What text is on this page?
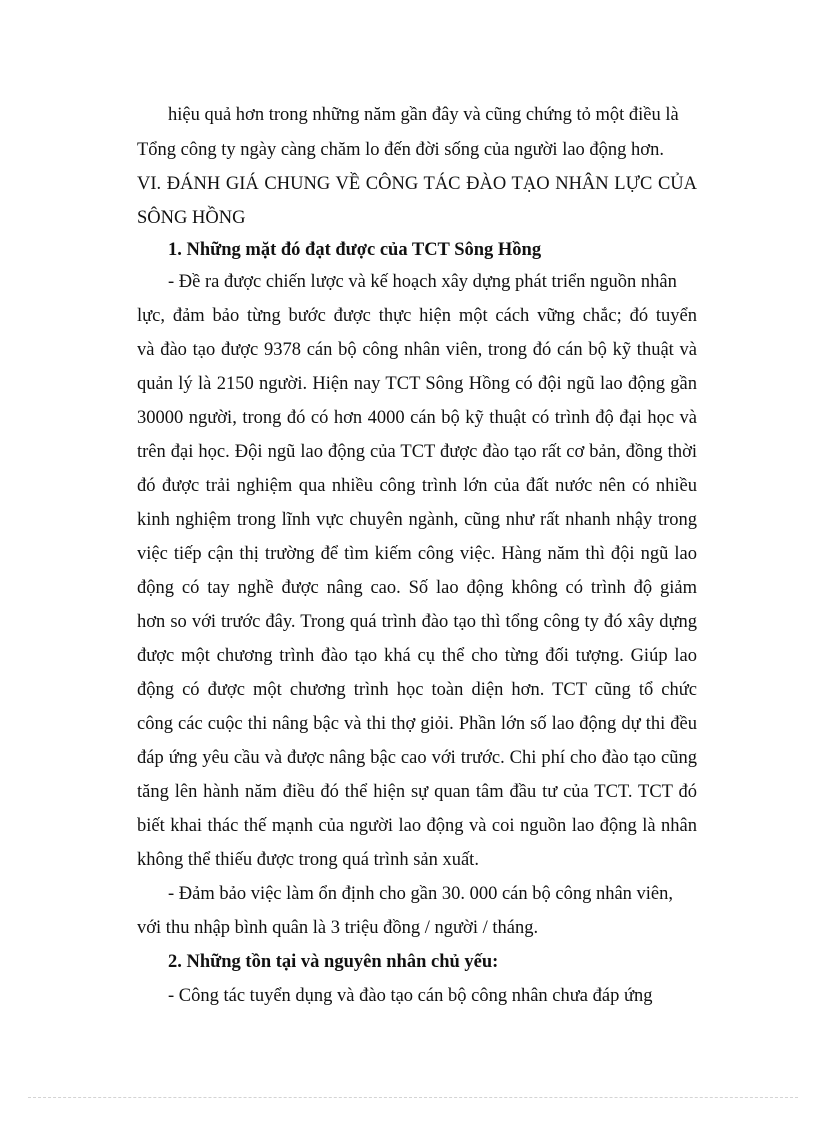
hiệu quả hơn trong những năm gần đây và cũng chứng tỏ một điều là
Tổng công ty ngày càng chăm lo đến đời sống của người lao động hơn.
VI. ĐÁNH GIÁ CHUNG VỀ CÔNG TÁC ĐÀO TẠO NHÂN LỰC CỦA
SÔNG HỒNG
1. Những mặt đó đạt được của TCT Sông Hồng
- Đề ra được chiến lược và kế hoạch xây dựng phát triển nguồn nhân
lực, đảm bảo từng bước được thực hiện một cách vững chắc; đó tuyển
và đào tạo được 9378 cán bộ công nhân viên, trong đó cán bộ kỹ thuật và
quản lý là 2150 người. Hiện nay TCT Sông Hồng có đội ngũ lao động gần
30000 người, trong đó có hơn 4000 cán bộ kỹ thuật có trình độ đại học và
trên đại học. Đội ngũ lao động của TCT được đào tạo rất cơ bản, đồng thời
đó được trải nghiệm qua nhiều công trình lớn của đất nước nên có nhiều
kinh nghiệm trong lĩnh vực chuyên ngành, cũng như rất nhanh nhậy trong
việc tiếp cận thị trường để tìm kiếm công việc. Hàng năm thì đội ngũ lao
động có tay nghề được nâng cao. Số lao động không có trình độ giảm
hơn so với trước đây. Trong quá trình đào tạo thì tổng công ty đó xây dựng
được một chương trình đào tạo khá cụ thể cho từng đối tượng. Giúp lao
động có được một chương trình học toàn diện hơn. TCT cũng tổ chức
công các cuộc thi nâng bậc và thi thợ giỏi. Phần lớn số lao động dự thi đều
đáp ứng yêu cầu và được nâng bậc cao với trước. Chi phí cho đào tạo cũng
tăng lên hành năm điều đó thể hiện sự quan tâm đầu tư của TCT. TCT đó
biết khai thác thế mạnh của người lao động và coi nguồn lao động là nhân
không thể thiếu được trong quá trình sản xuất.
- Đảm bảo việc làm ổn định cho gần 30. 000 cán bộ công nhân viên,
với thu nhập bình quân là 3 triệu đồng / người / tháng.
2. Những tồn tại và nguyên nhân chủ yếu:
- Công tác tuyển dụng và đào tạo cán bộ công nhân chưa đáp ứng
